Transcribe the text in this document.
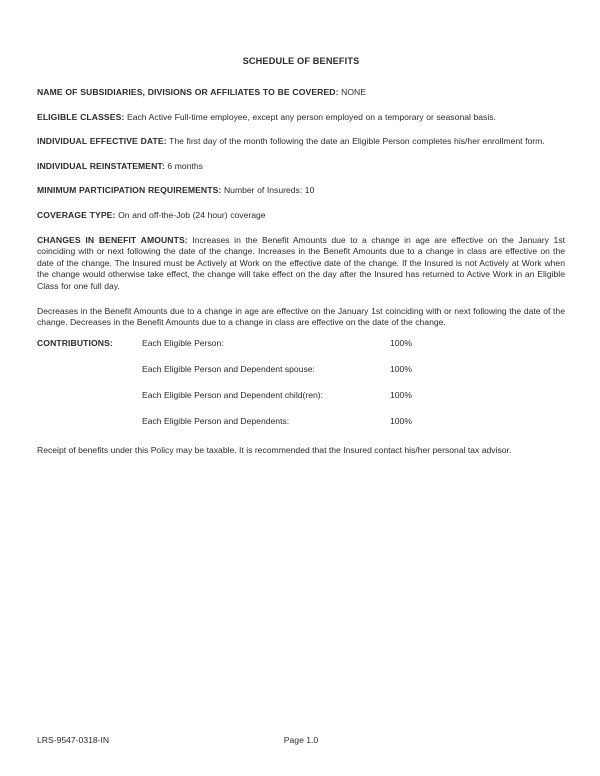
SCHEDULE OF BENEFITS

NAME OF SUBSIDIARIES, DIVISIONS OR AFFILIATES TO BE COVERED: NONE

ELIGIBLE CLASSES: Each Active Full-time employee, except any person employed on a temporary or seasonal basis.

INDIVIDUAL EFFECTIVE DATE: The first day of the month following the date an Eligible Person completes his/her enrollment form.

INDIVIDUAL REINSTATEMENT: 6 months

MINIMUM PARTICIPATION REQUIREMENTS: Number of Insureds: 10

COVERAGE TYPE: On and off-the-Job (24 hour) coverage

CHANGES IN BENEFIT AMOUNTS: Increases in the Benefit Amounts due to a change in age are effective on the January 1st coinciding with or next following the date of the change. Increases in the Benefit Amounts due to a change in class are effective on the date of the change. The Insured must be Actively at Work on the effective date of the change. If the Insured is not Actively at Work when the change would otherwise take effect, the change will take effect on the day after the Insured has returned to Active Work in an Eligible Class for one full day.

Decreases in the Benefit Amounts due to a change in age are effective on the January 1st coinciding with or next following the date of the change. Decreases in the Benefit Amounts due to a change in class are effective on the date of the change.

CONTRIBUTIONS:	Each Eligible Person:	100%
Each Eligible Person and Dependent spouse:	100%
Each Eligible Person and Dependent child(ren):	100%
Each Eligible Person and Dependents:	100%

Receipt of benefits under this Policy may be taxable. It is recommended that the Insured contact his/her personal tax advisor.

LRS-9547-0318-IN	Page 1.0
